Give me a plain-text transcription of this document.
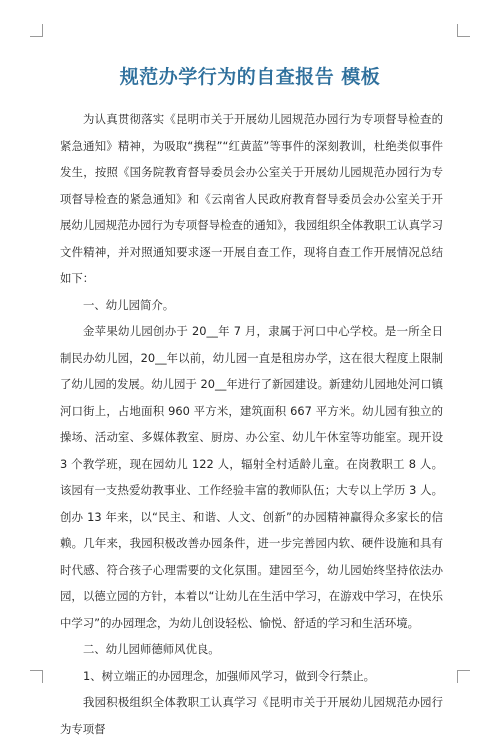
规范办学行为的自查报告 模板

为认真贯彻落实《昆明市关于开展幼儿园规范办园行为专项督导检查的紧急通知》精神，为吸取“携程”“红黄蓝”等事件的深刻教训，杜绝类似事件发生，按照《国务院教育督导委员会办公室关于开展幼儿园规范办园行为专项督导检查的紧急通知》和《云南省人民政府教育督导委员会办公室关于开展幼儿园规范办园行为专项督导检查的通知》，我园组织全体教职工认真学习文件精神，并对照通知要求逐一开展自查工作，现将自查工作开展情况总结如下：

一、幼儿园简介。

金苹果幼儿园创办于 20__年 7 月，隶属于河口中心学校。是一所全日制民办幼儿园，20__年以前，幼儿园一直是租房办学，这在很大程度上限制了幼儿园的发展。幼儿园于 20__年进行了新园建设。新建幼儿园地处河口镇河口街上，占地面积 960 平方米，建筑面积 667 平方米。幼儿园有独立的操场、活动室、多媒体教室、厨房、办公室、幼儿午休室等功能室。现开设 3 个教学班，现在园幼儿 122 人，辐射全村适龄儿童。在岗教职工 8 人。该园有一支热爱幼教事业、工作经验丰富的教师队伍；大专以上学历 3 人。创办 13 年来，以“民主、和谐、人文、创新”的办园精神赢得众多家长的信赖。几年来，我园积极改善办园条件，进一步完善园内软、硬件设施和具有时代感、符合孩子心理需要的文化氛围。建园至今，幼儿园始终坚持依法办园，以德立园的方针，本着以“让幼儿在生活中学习，在游戏中学习，在快乐中学习”的办园理念，为幼儿创设轻松、愉悦、舒适的学习和生活环境。

二、幼儿园师德师风优良。

1、树立端正的办园理念，加强师风学习，做到令行禁止。

我园积极组织全体教职工认真学习《昆明市关于开展幼儿园规范办园行为专项督
